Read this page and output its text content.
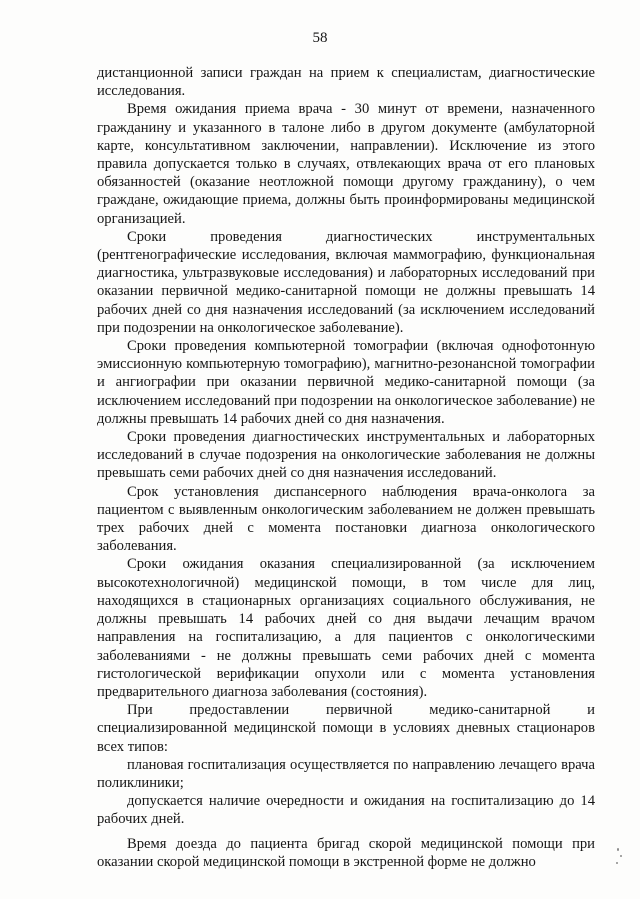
58

дистанционной записи граждан на прием к специалистам, диагностические исследования.

Время ожидания приема врача - 30 минут от времени, назначенного гражданину и указанного в талоне либо в другом документе (амбулаторной карте, консультативном заключении, направлении). Исключение из этого правила допускается только в случаях, отвлекающих врача от его плановых обязанностей (оказание неотложной помощи другому гражданину), о чем граждане, ожидающие приема, должны быть проинформированы медицинской организацией.

Сроки проведения диагностических инструментальных (рентгенографические исследования, включая маммографию, функциональная диагностика, ультразвуковые исследования) и лабораторных исследований при оказании первичной медико-санитарной помощи не должны превышать 14 рабочих дней со дня назначения исследований (за исключением исследований при подозрении на онкологическое заболевание).

Сроки проведения компьютерной томографии (включая однофотонную эмиссионную компьютерную томографию), магнитно-резонансной томографии и ангиографии при оказании первичной медико-санитарной помощи (за исключением исследований при подозрении на онкологическое заболевание) не должны превышать 14 рабочих дней со дня назначения.

Сроки проведения диагностических инструментальных и лабораторных исследований в случае подозрения на онкологические заболевания не должны превышать семи рабочих дней со дня назначения исследований.

Срок установления диспансерного наблюдения врача-онколога за пациентом с выявленным онкологическим заболеванием не должен превышать трех рабочих дней с момента постановки диагноза онкологического заболевания.

Сроки ожидания оказания специализированной (за исключением высокотехнологичной) медицинской помощи, в том числе для лиц, находящихся в стационарных организациях социального обслуживания, не должны превышать 14 рабочих дней со дня выдачи лечащим врачом направления на госпитализацию, а для пациентов с онкологическими заболеваниями - не должны превышать семи рабочих дней с момента гистологической верификации опухоли или с момента установления предварительного диагноза заболевания (состояния).

При предоставлении первичной медико-санитарной и специализированной медицинской помощи в условиях дневных стационаров всех типов:

плановая госпитализация осуществляется по направлению лечащего врача поликлиники;

допускается наличие очередности и ожидания на госпитализацию до 14 рабочих дней.

Время доезда до пациента бригад скорой медицинской помощи при оказании скорой медицинской помощи в экстренной форме не должно
